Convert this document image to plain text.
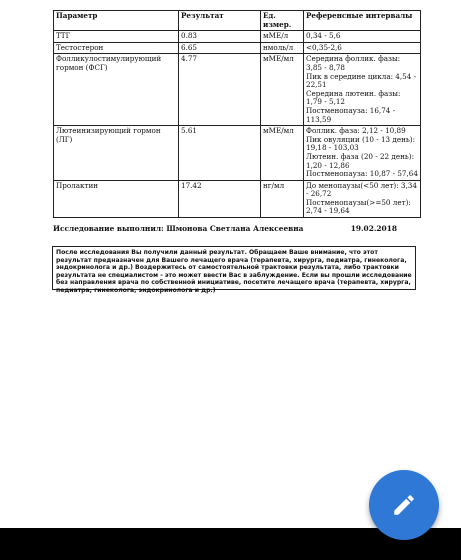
Параметр	Результат	Ед. измер.	Референсные интервалы
ТТГ	0.83	мМЕ/л	0,34 - 5,6

Тестостерон	6.65	нмоль/л	<0,35-2,6

Фолликулостимулирующий гормон (ФСГ)	4.77	мМЕ/мл	Середина фоллик. фазы: 3,85 - 8,78
Пик в середине цикла: 4,54 - 22,51
Середина лютеин. фазы: 1,79 - 5,12
Постменопауза: 16,74 - 113,59

Лютеинизирующий гормон (ЛГ)	5.61	мМЕ/мл	Фоллик. фаза: 2,12 - 10,89
Пик овуляции (10 - 13 день): 19,18 - 103,03
Лютеин. фаза (20 - 22 день): 1,20 - 12,86
Постменопауза: 10,87 - 57,64

Пролактин	17.42	нг/мл	До менопаузы(<50 лет): 3,34 - 26,72
Постменопаузы(>=50 лет): 2,74 - 19,64
Исследование выполнил: Шмонова Светлана Алексеевна	19.02.2018
После исследования Вы получили данный результат. Обращаем Ваше внимание, что этот результат предназначен для Вашего лечащего врача (терапевта, хирурга, педиатра, гинеколога, эндокринолога и др.) Воздержитесь от самостоятельной трактовки результата, либо трактовки результата не специалистом - это может ввести Вас в заблуждение. Если вы прошли исследование без направления врача по собственной инициативе, посетите лечащего врача (терапевта, хирурга, педиатра, гинеколога, эндокринолога и др.)
